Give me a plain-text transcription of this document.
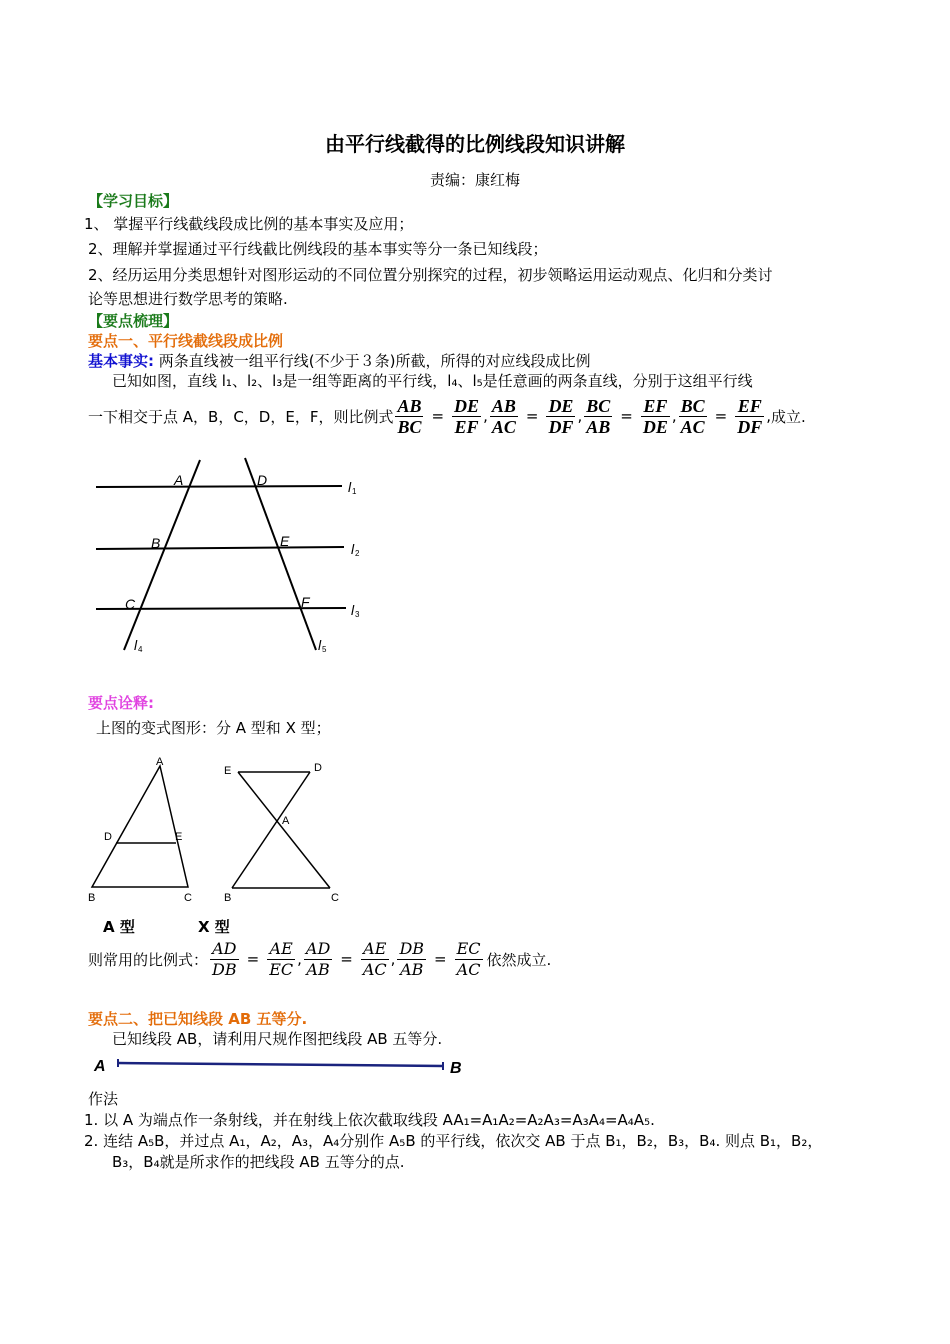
由平行线截得的比例线段知识讲解
责编：康红梅
【学习目标】
1、 掌握平行线截线段成比例的基本事实及应用；
2、理解并掌握通过平行线截比例线段的基本事实等分一条已知线段；
2、经历运用分类思想针对图形运动的不同位置分别探究的过程，初步领略运用运动观点、化归和分类讨
论等思想进行数学思考的策略.
【要点梳理】
要点一、平行线截线段成比例
基本事实: 两条直线被一组平行线(不少于３条)所截，所得的对应线段成比例
已知如图，直线 l₁、l₂、l₃是一组等距离的平行线，l₄、l₅是任意画的两条直线，分别于这组平行线
一下相交于点 A，B，C，D，E，F，则比例式 $\frac{AB}{BC} = \frac{DE}{EF}$ , $\frac{AB}{AC} = \frac{DE}{DF}$ , $\frac{BC}{AB} = \frac{EF}{DE}$ , $\frac{BC}{AC} = \frac{EF}{DF}$ , 成立.
A	D
B	E
C	F
l
l
l
l	l
1
2
3
4	5
要点诠释:
上图的变式图形：分 A 型和 X 型；
A
D	E
B	C
E	D
A
B	C
A 型	X 型
则常用的比例式： $\frac{AD}{DB} = \frac{AE}{EC}$ , $\frac{AD}{AB} = \frac{AE}{AC}$ , $\frac{DB}{AB} = \frac{EC}{AC}$ 依然成立.
要点二、把已知线段 AB 五等分.
已知线段 AB，请利用尺规作图把线段 AB 五等分.
A	B
作法
1. 以 A 为端点作一条射线，并在射线上依次截取线段 AA₁=A₁A₂=A₂A₃=A₃A₄=A₄A₅.
2. 连结 A₅B，并过点 A₁，A₂，A₃，A₄分别作 A₅B 的平行线，依次交 AB 于点 B₁，B₂，B₃，B₄. 则点 B₁，B₂，
B₃，B₄就是所求作的把线段 AB 五等分的点.
